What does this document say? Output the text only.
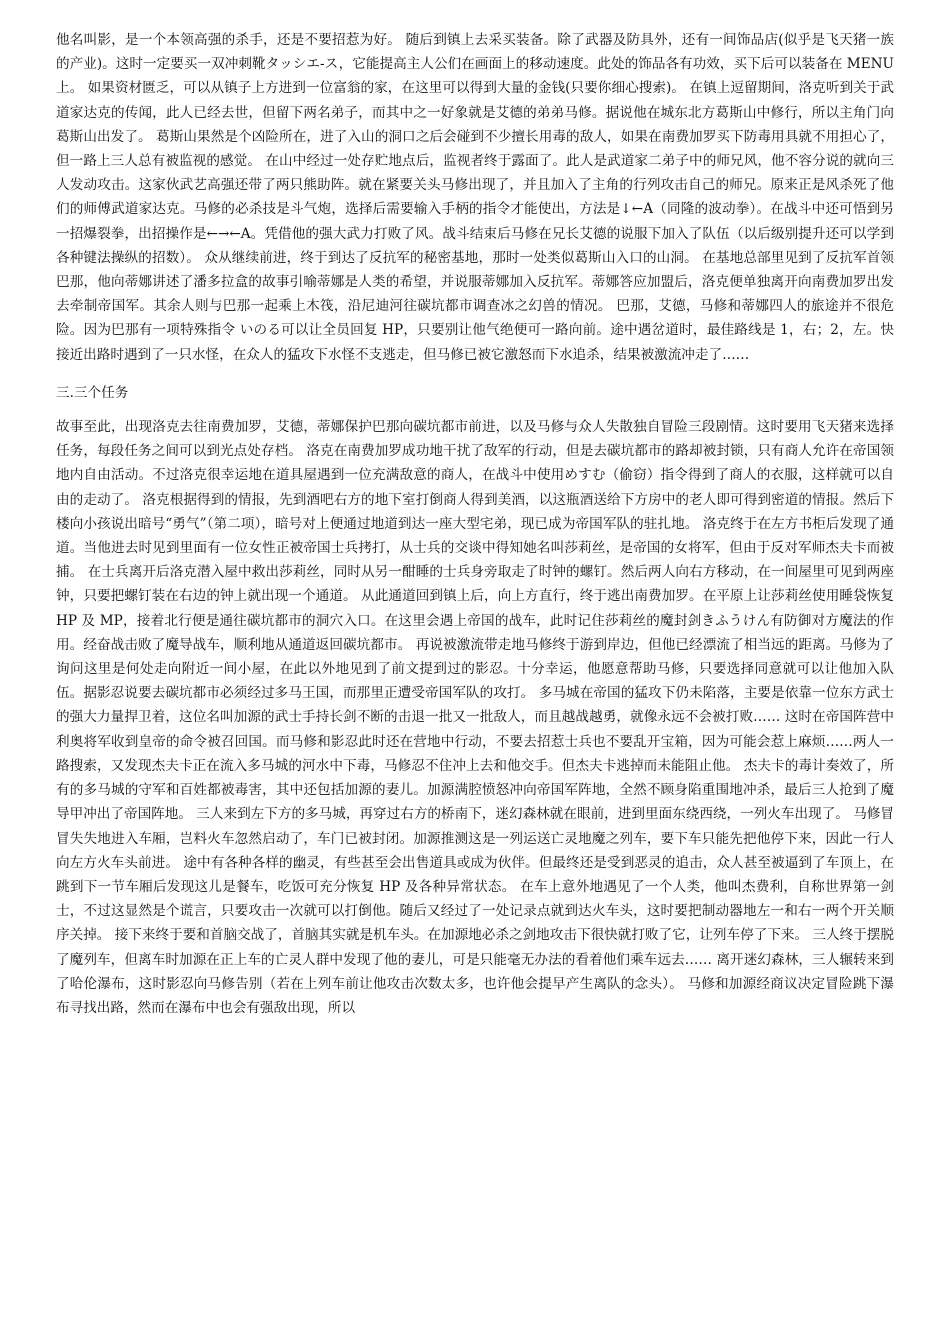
他名叫影，是一个本领高强的杀手，还是不要招惹为好。 随后到镇上去采买装备。除了武器及防具外，还有一间饰品店(似乎是飞天猪一族的产业)。这时一定要买一双冲刺靴タッシエ-ス，它能提高主人公们在画面上的移动速度。此处的饰品各有功效，买下后可以装备在 MENU 上。 如果资材匮乏，可以从镇子上方进到一位富翁的家，在这里可以得到大量的金钱(只要你细心搜索)。 在镇上逗留期间，洛克听到关于武道家达克的传闻，此人已经去世，但留下两名弟子，而其中之一好象就是艾德的弟弟马修。据说他在城东北方葛斯山中修行，所以主角门向葛斯山出发了。 葛斯山果然是个凶险所在，进了入山的洞口之后会碰到不少擅长用毒的敌人，如果在南费加罗买下防毒用具就不用担心了，但一路上三人总有被监视的感觉。 在山中经过一处存贮地点后，监视者终于露面了。此人是武道家二弟子中的师兄风，他不容分说的就向三人发动攻击。这家伙武艺高强还带了两只熊助阵。就在紧要关头马修出现了，并且加入了主角的行列攻击自己的师兄。原来正是风杀死了他们的师傅武道家达克。马修的必杀技是斗气炮，选择后需要输入手柄的指令才能使出，方法是↓←A（同隆的波动拳）。在战斗中还可悟到另一招爆裂拳，出招操作是←→←A。凭借他的强大武力打败了风。战斗结束后马修在兄长艾德的说服下加入了队伍（以后级别提升还可以学到各种键法操纵的招数）。 众从继续前进，终于到达了反抗军的秘密基地，那时一处类似葛斯山入口的山洞。 在基地总部里见到了反抗军首领巴那，他向蒂娜讲述了潘多拉盒的故事引喻蒂娜是人类的希望，并说服蒂娜加入反抗军。蒂娜答应加盟后，洛克便单独离开向南费加罗出发去牵制帝国军。其余人则与巴那一起乘上木筏，沿尼迪河往碳坑都市调查冰之幻兽的情况。 巴那，艾德，马修和蒂娜四人的旅途并不很危险。因为巴那有一项特殊指令 いのる可以让全员回复 HP，只要别让他气绝便可一路向前。途中遇岔道时，最佳路线是 1，右；2，左。快接近出路时遇到了一只水怪，在众人的猛攻下水怪不支逃走，但马修已被它激怒而下水追杀，结果被激流冲走了……

三.三个任务

故事至此，出现洛克去往南费加罗，艾德，蒂娜保护巴那向碳坑都市前进，以及马修与众人失散独自冒险三段剧情。这时要用飞天猪来选择任务，每段任务之间可以到光点处存档。 洛克在南费加罗成功地干扰了敌军的行动，但是去碳坑都市的路却被封锁，只有商人允许在帝国领地内自由活动。不过洛克很幸运地在道具屋遇到一位充满敌意的商人，在战斗中使用めすむ（偷窃）指令得到了商人的衣服，这样就可以自由的走动了。 洛克根据得到的情报，先到酒吧右方的地下室打倒商人得到美酒，以这瓶酒送给下方房中的老人即可得到密道的情报。然后下楼向小孩说出暗号“勇气”（第二项），暗号对上便通过地道到达一座大型宅弟，现已成为帝国军队的驻扎地。 洛克终于在左方书柜后发现了通道。当他进去时见到里面有一位女性正被帝国士兵拷打，从士兵的交谈中得知她名叫莎莉丝，是帝国的女将军，但由于反对军师杰夫卡而被捕。 在士兵离开后洛克潜入屋中救出莎莉丝，同时从另一酣睡的士兵身旁取走了时钟的螺钉。然后两人向右方移动，在一间屋里可见到两座钟，只要把螺钉装在右边的钟上就出现一个通道。 从此通道回到镇上后，向上方直行，终于逃出南费加罗。在平原上让莎莉丝使用睡袋恢复 HP 及 MP，接着北行便是通往碳坑都市的洞穴入口。在这里会遇上帝国的战车，此时记住莎莉丝的魔封剑きふうけん有防御对方魔法的作用。经奋战击败了魔导战车，顺利地从通道返回碳坑都市。 再说被激流带走地马修终于游到岸边，但他已经漂流了相当远的距离。马修为了询问这里是何处走向附近一间小屋，在此以外地见到了前文提到过的影忍。十分幸运，他愿意帮助马修，只要选择同意就可以让他加入队伍。据影忍说要去碳坑都市必须经过多马王国，而那里正遭受帝国军队的攻打。 多马城在帝国的猛攻下仍未陷落，主要是依靠一位东方武士的强大力量捍卫着，这位名叫加源的武士手持长剑不断的击退一批又一批敌人，而且越战越勇，就像永远不会被打败…… 这时在帝国阵营中利奥将军收到皇帝的命令被召回国。而马修和影忍此时还在营地中行动，不要去招惹士兵也不要乱开宝箱，因为可能会惹上麻烦……两人一路搜索，又发现杰夫卡正在流入多马城的河水中下毒，马修忍不住冲上去和他交手。但杰夫卡逃掉而未能阻止他。 杰夫卡的毒计奏效了，所有的多马城的守军和百姓都被毒害，其中还包括加源的妻儿。加源满腔愤怒冲向帝国军阵地，全然不顾身陷重围地冲杀，最后三人抢到了魔导甲冲出了帝国阵地。 三人来到左下方的多马城，再穿过右方的桥南下，迷幻森林就在眼前，进到里面东绕西绕，一列火车出现了。 马修冒冒失失地进入车厢，岂料火车忽然启动了，车门已被封闭。加源推测这是一列运送亡灵地魔之列车，要下车只能先把他停下来，因此一行人向左方火车头前进。 途中有各种各样的幽灵，有些甚至会出售道具或成为伙伴。但最终还是受到恶灵的追击，众人甚至被逼到了车顶上，在跳到下一节车厢后发现这儿是餐车，吃饭可充分恢复 HP 及各种异常状态。 在车上意外地遇见了一个人类，他叫杰费利，自称世界第一剑士，不过这显然是个谎言，只要攻击一次就可以打倒他。随后又经过了一处记录点就到达火车头，这时要把制动器地左一和右一两个开关顺序关掉。 接下来终于要和首脑交战了，首脑其实就是机车头。在加源地必杀之剑地攻击下很快就打败了它，让列车停了下来。 三人终于摆脱了魔列车，但离车时加源在正上车的亡灵人群中发现了他的妻儿，可是只能毫无办法的看着他们乘车远去…… 离开迷幻森林，三人辗转来到了哈伦瀑布，这时影忍向马修告别（若在上列车前让他攻击次数太多，也许他会提早产生离队的念头）。 马修和加源经商议决定冒险跳下瀑布寻找出路，然而在瀑布中也会有强敌出现，所以
